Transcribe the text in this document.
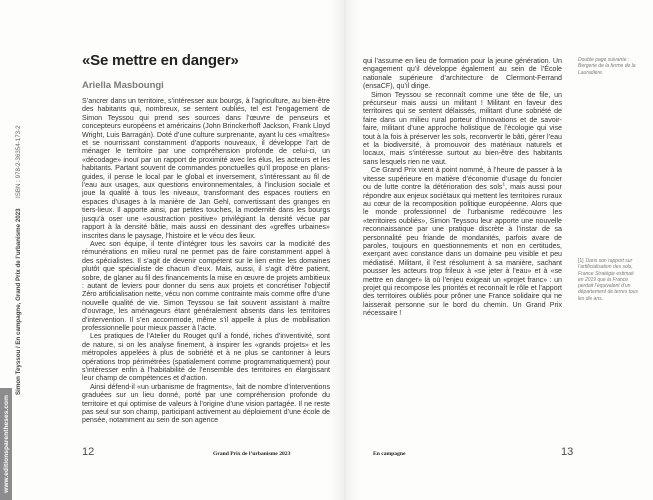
www.editionsparentheses.com
Simon Teyssou / En campagne, Grand Prix de l’urbanisme 2023 ISBN : 978-2-36354-173-2
«Se mettre en danger»
Ariella Masboungi

S’ancrer dans un territoire, s’intéresser aux bourgs, à l’agriculture, au bien-être des habitants qui, nombreux, se sentent oubliés, tel est l’engagement de Simon Teyssou qui prend ses sources dans l’œuvre de penseurs et concepteurs européens et américains (John Brinckerhoff Jackson, Frank Lloyd Wright, Luis Barragán). Doté d’une culture surprenante, ayant lu ces «maîtres» et se nourrissant constamment d’apports nouveaux, il développe l’art de ménager le territoire par une compréhension profonde de celui-ci, un «décodage» inouï par un rapport de proximité avec les élus, les acteurs et les habitants. Partant souvent de commandes ponctuelles qu’il propose en plans-guides, il pense le local par le global et inversement, s’intéressant au fil de l’eau aux usages, aux questions environnementales, à l’inclusion sociale et joue la qualité à tous les niveaux, transformant des espaces routiers en espaces d’usages à la manière de Jan Gehl, convertissant des granges en tiers-lieux. Il apporte ainsi, par petites touches, la modernité dans les bourgs jusqu’à oser une «soustraction positive» privilégiant la densité vécue par rapport à la densité bâtie, mais aussi en dessinant des «greffes urbaines» inscrites dans le paysage, l’histoire et le vécu des lieux.

Avec son équipe, il tente d’intégrer tous les savoirs car la modicité des rémunérations en milieu rural ne permet pas de faire constamment appel à des spécialistes. Il s’agit de devenir compétent sur le lien entre les domaines plutôt que spécialiste de chacun d’eux. Mais, aussi, il s’agit d’être patient, sobre, de glaner au fil des financements la mise en œuvre de projets ambitieux : autant de leviers pour donner du sens aux projets et concrétiser l’objectif Zéro artificialisation nette, vécu non comme contrainte mais comme offre d’une nouvelle qualité de vie. Simon Teyssou se fait souvent assistant à maître d’ouvrage, les aménageurs étant généralement absents dans les territoires d’intervention. Il s’en accommode, même s’il appelle à plus de mobilisation professionnelle pour mieux passer à l’acte.

Les pratiques de l’Atelier du Rouget qu’il a fondé, riches d’inventivité, sont de nature, si on les analyse finement, à inspirer les «grands projets» et les métropoles appelées à plus de sobriété et à ne plus se cantonner à leurs opérations trop périmétrées (spatialement comme programmatiquement) pour s’intéresser enfin à l’habitabilité de l’ensemble des territoires en élargissant leur champ de compétences et d’action.

Ainsi défend-il «un urbanisme de fragments», fait de nombre d’interventions graduées sur un lieu donné, porté par une compréhension profonde du territoire et qui optimise de valeurs à l’origine d’une vision partagée. Il ne reste pas seul sur son champ, participant activement au déploiement d’une école de pensée, notamment au sein de son agence

12	Grand Prix de l’urbanisme 2023

qui l’assume en lieu de formation pour la jeune génération. Un engagement qu’il développe également au sein de l’École nationale supérieure d’architecture de Clermont-Ferrand (ensaCF), qu’il dirige.

Simon Teyssou se reconnaît comme une tête de file, un précurseur mais aussi un militant ! Militant en faveur des territoires qui se sentent délaissés, militant d’une sobriété de faire dans un milieu rural porteur d’innovations et de savoir-faire, militant d’une approche holistique de l’écologie qui vise tout à la fois à préserver les sols, reconvertir le bâti, gérer l’eau et la biodiversité, à promouvoir des matériaux naturels et locaux, mais s’intéresse surtout au bien-être des habitants sans lesquels rien ne vaut.

Ce Grand Prix vient à point nommé, à l’heure de passer à la vitesse supérieure en matière d’économie d’usage du foncier ou de lutte contre la détérioration des sols$^1$, mais aussi pour répondre aux enjeux sociétaux qui mettent les territoires ruraux au cœur de la recomposition politique européenne. Alors que le monde professionnel de l’urbanisme redécouvre les «territoires oubliés», Simon Teyssou leur apporte une nouvelle reconnaissance par une pratique discrète à l’instar de sa personnalité peu friande de mondanités, parfois avare de paroles, toujours en questionnements et non en certitudes, exerçant avec constance dans un domaine peu visible et peu médiatisé. Militant, il l’est résolument à sa manière, sachant pousser les acteurs trop frileux à «se jeter à l’eau» et à «se mettre en danger» là où l’enjeu exigeait un «projet franc» : un projet qui recompose les priorités et reconnaît le rôle et l’apport des territoires oubliés pour prôner une France solidaire qui ne laisserait personne sur le bord du chemin. Un Grand Prix nécessaire !

Double page suivante : Bergerie de la ferme de la Lauradière.
[1] Dans son rapport sur l’artificialisation des sols, France Stratégie estimait en 2019 que la France perdait l’équivalent d’un département de terres tous les dix ans.
En campagne	13
